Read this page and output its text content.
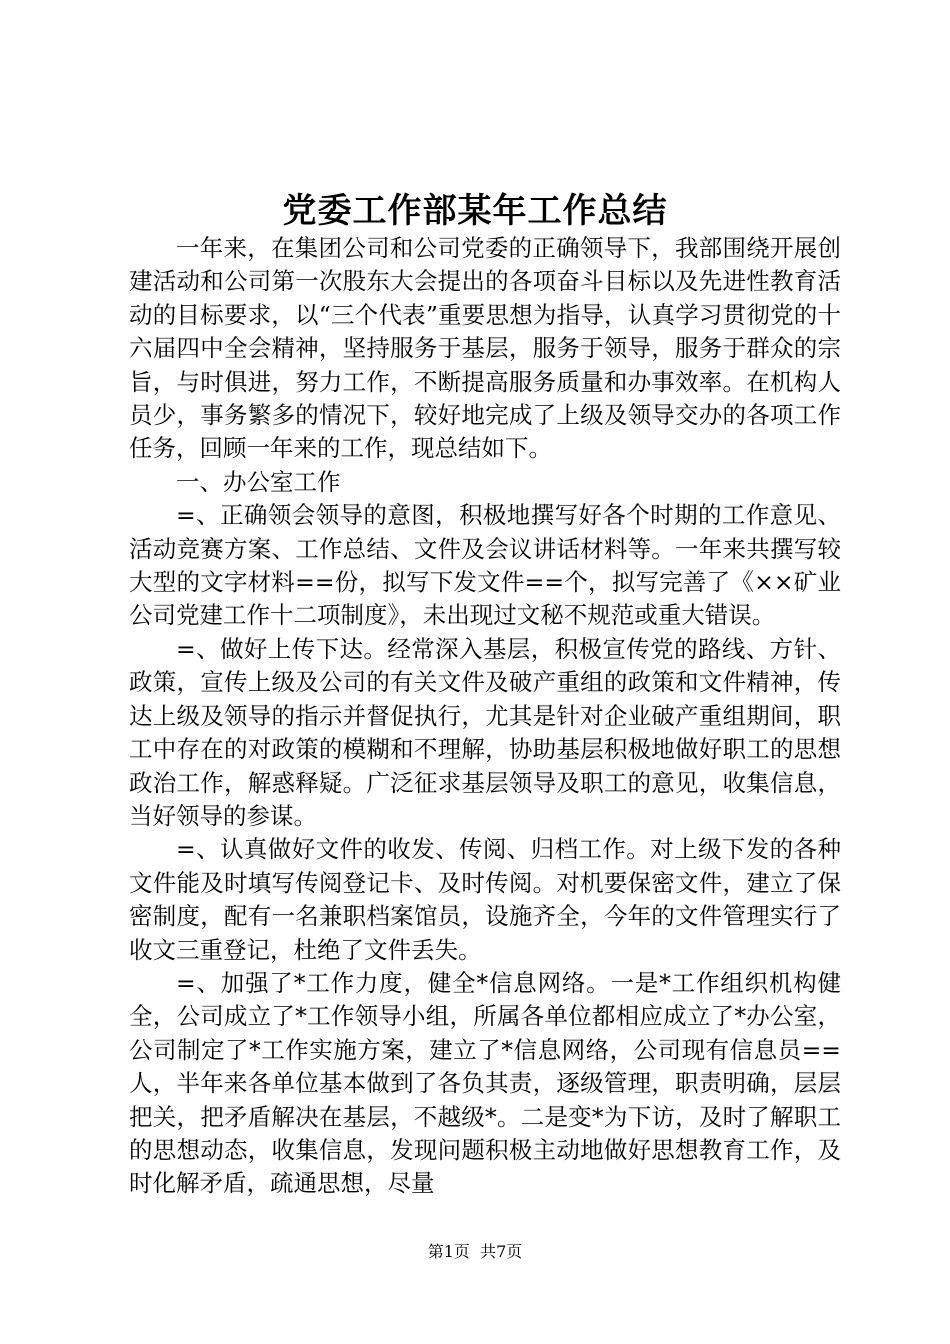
党委工作部某年工作总结

一年来，在集团公司和公司党委的正确领导下，我部围绕开展创建活动和公司第一次股东大会提出的各项奋斗目标以及先进性教育活动的目标要求，以“三个代表”重要思想为指导，认真学习贯彻党的十六届四中全会精神，坚持服务于基层，服务于领导，服务于群众的宗旨，与时俱进，努力工作，不断提高服务质量和办事效率。在机构人员少，事务繁多的情况下，较好地完成了上级及领导交办的各项工作任务，回顾一年来的工作，现总结如下。

一、办公室工作

=、正确领会领导的意图，积极地撰写好各个时期的工作意见、活动竞赛方案、工作总结、文件及会议讲话材料等。一年来共撰写较大型的文字材料==份，拟写下发文件==个，拟写完善了《××矿业公司党建工作十二项制度》，未出现过文秘不规范或重大错误。

=、做好上传下达。经常深入基层，积极宣传党的路线、方针、政策，宣传上级及公司的有关文件及破产重组的政策和文件精神，传达上级及领导的指示并督促执行，尤其是针对企业破产重组期间，职工中存在的对政策的模糊和不理解，协助基层积极地做好职工的思想政治工作，解惑释疑。广泛征求基层领导及职工的意见，收集信息，当好领导的参谋。

=、认真做好文件的收发、传阅、归档工作。对上级下发的各种文件能及时填写传阅登记卡、及时传阅。对机要保密文件，建立了保密制度，配有一名兼职档案馆员，设施齐全，今年的文件管理实行了收文三重登记，杜绝了文件丢失。

=、加强了*工作力度，健全*信息网络。一是*工作组织机构健全，公司成立了*工作领导小组，所属各单位都相应成立了*办公室，公司制定了*工作实施方案，建立了*信息网络，公司现有信息员==人，半年来各单位基本做到了各负其责，逐级管理，职责明确，层层把关，把矛盾解决在基层，不越级*。二是变*为下访，及时了解职工的思想动态，收集信息，发现问题积极主动地做好思想教育工作，及时化解矛盾，疏通思想，尽量

第1页 共7页
